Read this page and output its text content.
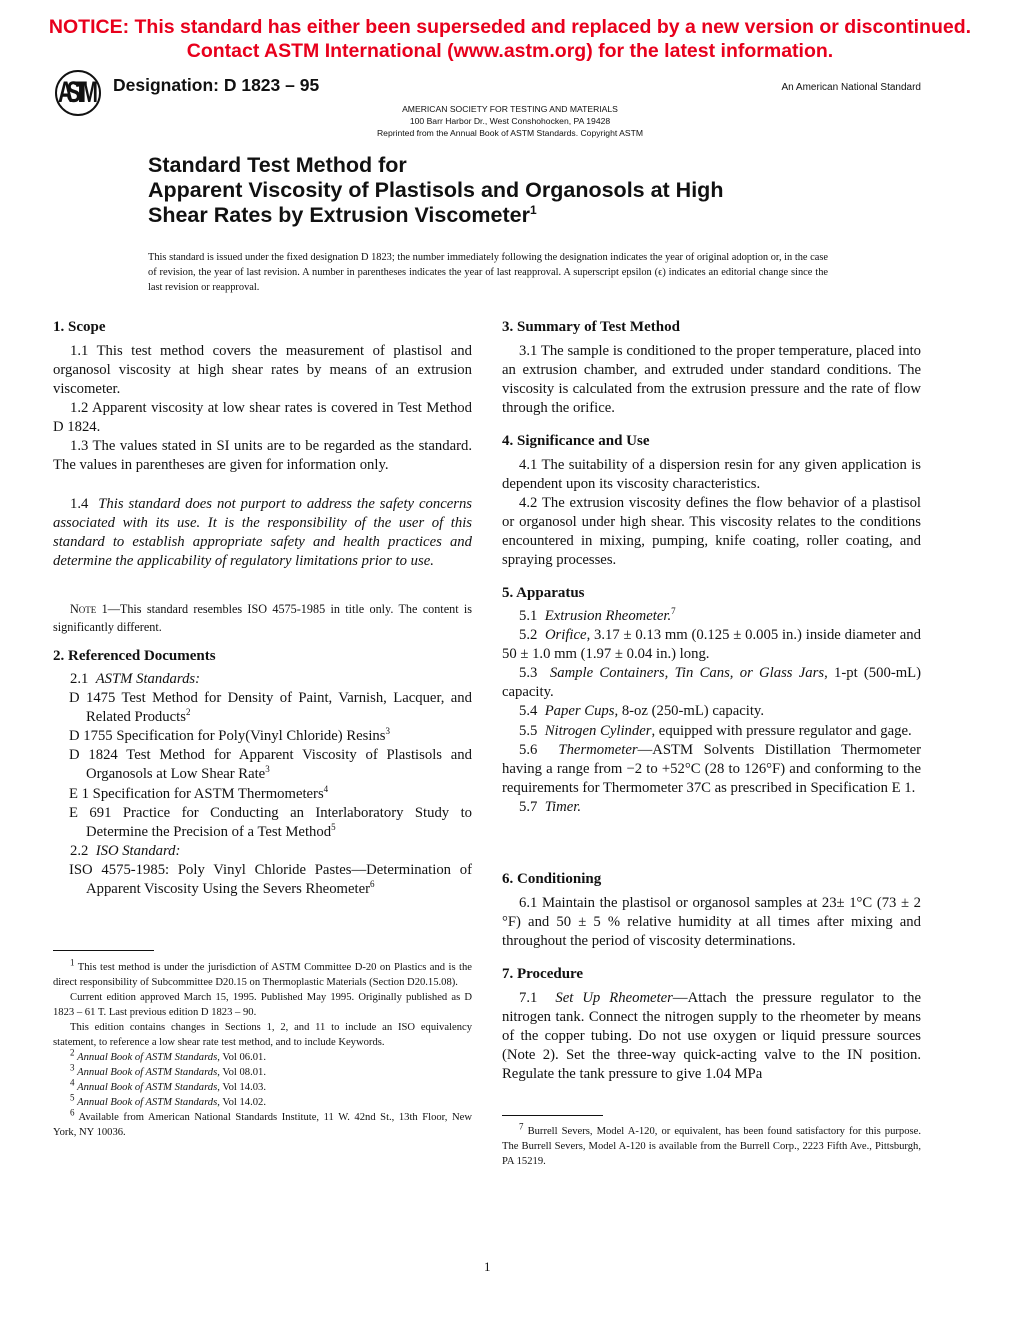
NOTICE: This standard has either been superseded and replaced by a new version or discontinued.
Contact ASTM International (www.astm.org) for the latest information.
ASTM Designation: D 1823 – 95	An American National Standard
AMERICAN SOCIETY FOR TESTING AND MATERIALS
100 Barr Harbor Dr., West Conshohocken, PA 19428
Reprinted from the Annual Book of ASTM Standards. Copyright ASTM
Standard Test Method for
Apparent Viscosity of Plastisols and Organosols at High
Shear Rates by Extrusion Viscometer$^1$
This standard is issued under the fixed designation D 1823; the number immediately following the designation indicates the year of original adoption or, in the case of revision, the year of last revision. A number in parentheses indicates the year of last reapproval. A superscript epsilon (ϵ) indicates an editorial change since the last revision or reapproval.
1. Scope
1.1 This test method covers the measurement of plastisol and organosol viscosity at high shear rates by means of an extrusion viscometer.
1.2 Apparent viscosity at low shear rates is covered in Test Method D 1824.
1.3 The values stated in SI units are to be regarded as the standard. The values in parentheses are given for information only.
1.4 This standard does not purport to address the safety concerns associated with its use. It is the responsibility of the user of this standard to establish appropriate safety and health practices and determine the applicability of regulatory limitations prior to use.
Note 1—This standard resembles ISO 4575-1985 in title only. The content is significantly different.
2. Referenced Documents

2.1 ASTM Standards:

D 1475 Test Method for Density of Paint, Varnish, Lacquer, and Related Products$^2$

D 1755 Specification for Poly(Vinyl Chloride) Resins$^3$

D 1824 Test Method for Apparent Viscosity of Plastisols and Organosols at Low Shear Rate$^3$

E 1 Specification for ASTM Thermometers$^4$

E 691 Practice for Conducting an Interlaboratory Study to Determine the Precision of a Test Method$^5$

2.2 ISO Standard:

ISO 4575-1985: Poly Vinyl Chloride Pastes—Determination of Apparent Viscosity Using the Severs Rheometer$^6$

$^1$ This test method is under the jurisdiction of ASTM Committee D-20 on Plastics and is the direct responsibility of Subcommittee D20.15 on Thermoplastic Materials (Section D20.15.08).

Current edition approved March 15, 1995. Published May 1995. Originally published as D 1823 – 61 T. Last previous edition D 1823 – 90.

This edition contains changes in Sections 1, 2, and 11 to include an ISO equivalency statement, to reference a low shear rate test method, and to include Keywords.

$^2$ Annual Book of ASTM Standards, Vol 06.01.

$^3$ Annual Book of ASTM Standards, Vol 08.01.

$^4$ Annual Book of ASTM Standards, Vol 14.03.

$^5$ Annual Book of ASTM Standards, Vol 14.02.

$^6$ Available from American National Standards Institute, 11 W. 42nd St., 13th Floor, New York, NY 10036.

3. Summary of Test Method
3.1 The sample is conditioned to the proper temperature, placed into an extrusion chamber, and extruded under standard conditions. The viscosity is calculated from the extrusion pressure and the rate of flow through the orifice.
4. Significance and Use
4.1 The suitability of a dispersion resin for any given application is dependent upon its viscosity characteristics.
4.2 The extrusion viscosity defines the flow behavior of a plastisol or organosol under high shear. This viscosity relates to the conditions encountered in mixing, pumping, knife coating, roller coating, and spraying processes.
5. Apparatus

5.1 Extrusion Rheometer.$^7$

5.2 Orifice, 3.17 ± 0.13 mm (0.125 ± 0.005 in.) inside diameter and 50 ± 1.0 mm (1.97 ± 0.04 in.) long.

5.3 Sample Containers, Tin Cans, or Glass Jars, 1-pt (500-mL) capacity.

5.4 Paper Cups, 8-oz (250-mL) capacity.

5.5 Nitrogen Cylinder, equipped with pressure regulator and gage.

5.6 Thermometer—ASTM Solvents Distillation Thermometer having a range from −2 to +52°C (28 to 126°F) and conforming to the requirements for Thermometer 37C as prescribed in Specification E 1.

5.7 Timer.

6. Conditioning
6.1 Maintain the plastisol or organosol samples at 23± 1°C (73 ± 2 °F) and 50 ± 5 % relative humidity at all times after mixing and throughout the period of viscosity determinations.
7. Procedure
7.1 Set Up Rheometer—Attach the pressure regulator to the nitrogen tank. Connect the nitrogen supply to the rheometer by means of the copper tubing. Do not use oxygen or liquid pressure sources (Note 2). Set the three-way quick-acting valve to the IN position. Regulate the tank pressure to give 1.04 MPa
$^7$ Burrell Severs, Model A-120, or equivalent, has been found satisfactory for this purpose. The Burrell Severs, Model A-120 is available from the Burrell Corp., 2223 Fifth Ave., Pittsburgh, PA 15219.
1
